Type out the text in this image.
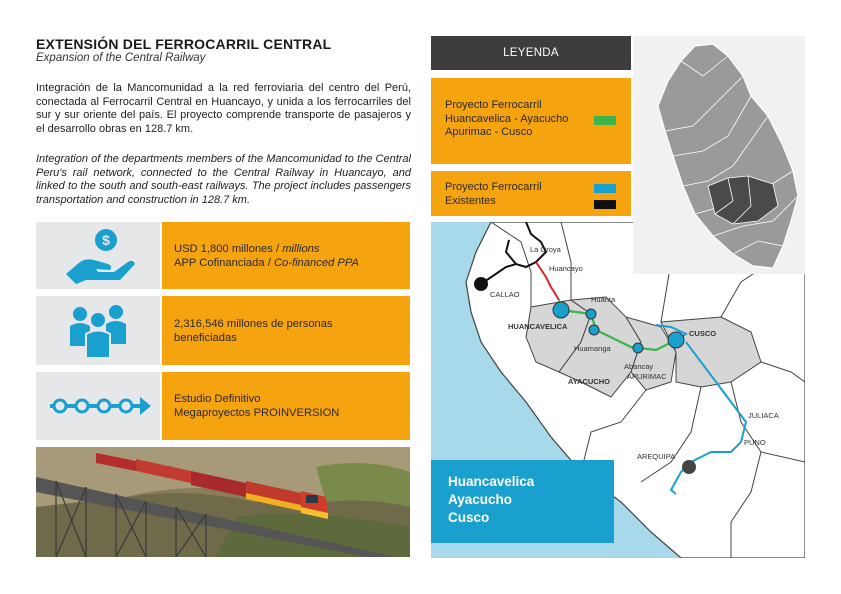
EXTENSIÓN DEL FERROCARRIL CENTRAL
Expansion of the Central Railway
Integración de la Mancomunidad a la red ferroviaria del centro del Perú, conectada al Ferrocarril Central en Huancayo, y unida a los ferrocarriles del sur y sur oriente del país. El proyecto comprende transporte de pasajeros y el desarrollo obras en 128.7 km.
Integration of the departments members of the Mancomunidad to the Central Peru's rail network, connected to the Central Railway in Huancayo, and linked to the south and south-east railways. The project includes passengers transportation and construction in 128.7 km.
$
USD 1,800 millones / millions
APP Cofinanciada / Co-financed PPA
2,316,546 millones de personas
beneficiadas
Estudio Definitivo
Megaproyectos PROINVERSION
LEYENDA
Proyecto Ferrocarril
Huancavelica - Ayacucho
Apurimac - Cusco
Proyecto Ferrocarril
Existentes
La Oroya
Huancayo
CALLAO
Huanta
HUANCAVELICA
Huamanga
CUSCO
Abancay
APURIMAC
AYACUCHO
JULIACA
PUNO
AREQUIPA
Huancavelica
Ayacucho
Cusco
